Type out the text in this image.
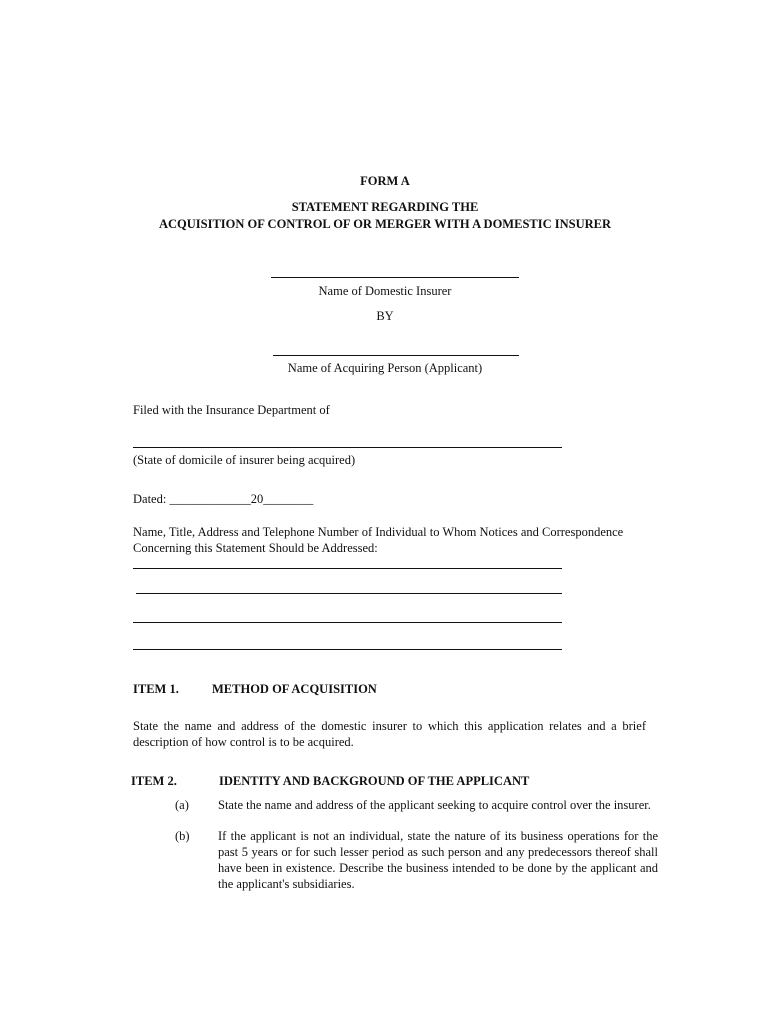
FORM A
STATEMENT REGARDING THE
ACQUISITION OF CONTROL OF OR MERGER WITH A DOMESTIC INSURER
Name of Domestic Insurer
BY
Name of Acquiring Person (Applicant)
Filed with the Insurance Department of
(State of domicile of insurer being acquired)
Dated: _____________20________
Name, Title, Address and Telephone Number of Individual to Whom Notices and Correspondence
Concerning this Statement Should be Addressed:
ITEM 1.	METHOD OF ACQUISITION
State the name and address of the domestic insurer to which this application relates and a brief description of how control is to be acquired.
ITEM 2.	IDENTITY AND BACKGROUND OF THE APPLICANT
(a) State the name and address of the applicant seeking to acquire control over the insurer.
(b) If the applicant is not an individual, state the nature of its business operations for the past 5 years or for such lesser period as such person and any predecessors thereof shall have been in existence. Describe the business intended to be done by the applicant and the applicant's subsidiaries.
